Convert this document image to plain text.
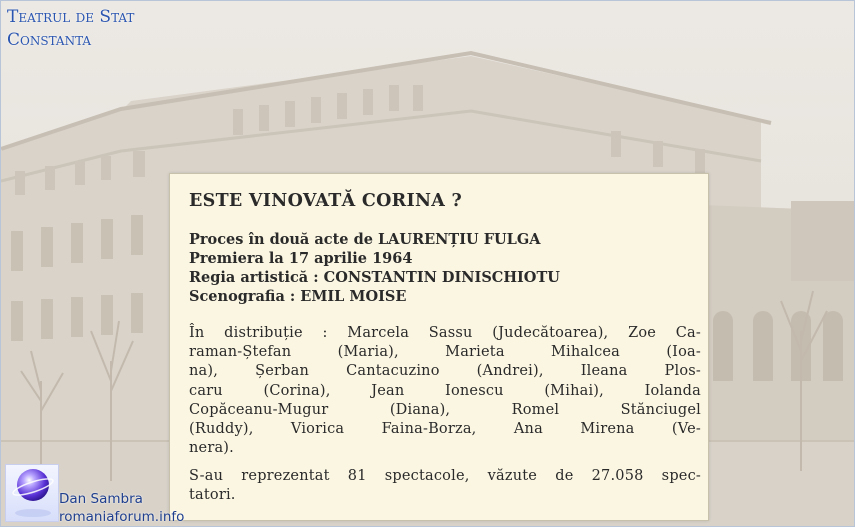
Teatrul de Stat
Constanta
ESTE VINOVATĂ CORINA ?
Proces în două acte de LAURENȚIU FULGA
Premiera la 17 aprilie 1964
Regia artistică : CONSTANTIN DINISCHIOTU
Scenografia : EMIL MOISE
În distribuție : Marcela Sassu (Judecătoarea), Zoe Ca-
raman-Ștefan (Maria), Marieta Mihalcea (Ioa-
na), Șerban Cantacuzino (Andrei), Ileana Plos-
caru (Corina), Jean Ionescu (Mihai), Iolanda
Copăceanu-Mugur (Diana), Romel Stănciugel
(Ruddy), Viorica Faina-Borza, Ana Mirena (Ve-
nera).
S-au reprezentat 81 spectacole, văzute de 27.058 spec-
tatori.
Dan Sambra
romaniaforum.info
